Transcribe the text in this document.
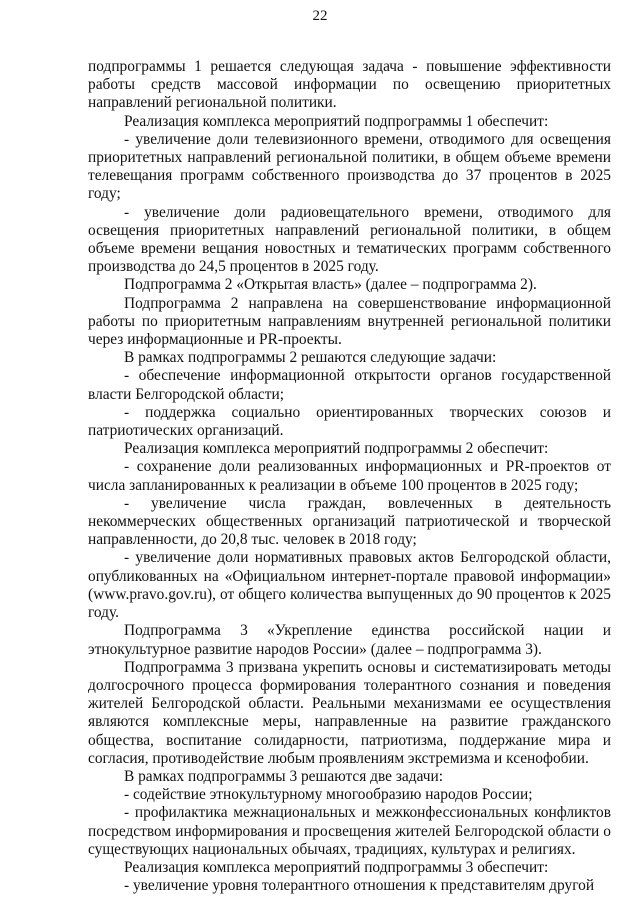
22

подпрограммы 1 решается следующая задача - повышение эффективности работы средств массовой информации по освещению приоритетных направлений региональной политики.

Реализация комплекса мероприятий подпрограммы 1 обеспечит:

- увеличение доли телевизионного времени, отводимого для освещения приоритетных направлений региональной политики, в общем объеме времени телевещания программ собственного производства до 37 процентов в 2025 году;

- увеличение доли радиовещательного времени, отводимого для освещения приоритетных направлений региональной политики, в общем объеме времени вещания новостных и тематических программ собственного производства до 24,5 процентов в 2025 году.

Подпрограмма 2 «Открытая власть» (далее – подпрограмма 2).

Подпрограмма 2 направлена на совершенствование информационной работы по приоритетным направлениям внутренней региональной политики через информационные и PR-проекты.

В рамках подпрограммы 2 решаются следующие задачи:

- обеспечение информационной открытости органов государственной власти Белгородской области;

- поддержка социально ориентированных творческих союзов и патриотических организаций.

Реализация комплекса мероприятий подпрограммы 2 обеспечит:

- сохранение доли реализованных информационных и PR-проектов от числа запланированных к реализации в объеме 100 процентов в 2025 году;

- увеличение числа граждан, вовлеченных в деятельность некоммерческих общественных организаций патриотической и творческой направленности, до 20,8 тыс. человек в 2018 году;

- увеличение доли нормативных правовых актов Белгородской области, опубликованных на «Официальном интернет-портале правовой информации» (www.pravo.gov.ru), от общего количества выпущенных до 90 процентов к 2025 году.

Подпрограмма 3 «Укрепление единства российской нации и этнокультурное развитие народов России» (далее – подпрограмма 3).

Подпрограмма 3 призвана укрепить основы и систематизировать методы долгосрочного процесса формирования толерантного сознания и поведения жителей Белгородской области. Реальными механизмами ее осуществления являются комплексные меры, направленные на развитие гражданского общества, воспитание солидарности, патриотизма, поддержание мира и согласия, противодействие любым проявлениям экстремизма и ксенофобии.

В рамках подпрограммы 3 решаются две задачи:

- содействие этнокультурному многообразию народов России;

- профилактика межнациональных и межконфессиональных конфликтов посредством информирования и просвещения жителей Белгородской области о существующих национальных обычаях, традициях, культурах и религиях.

Реализация комплекса мероприятий подпрограммы 3 обеспечит:

- увеличение уровня толерантного отношения к представителям другой
